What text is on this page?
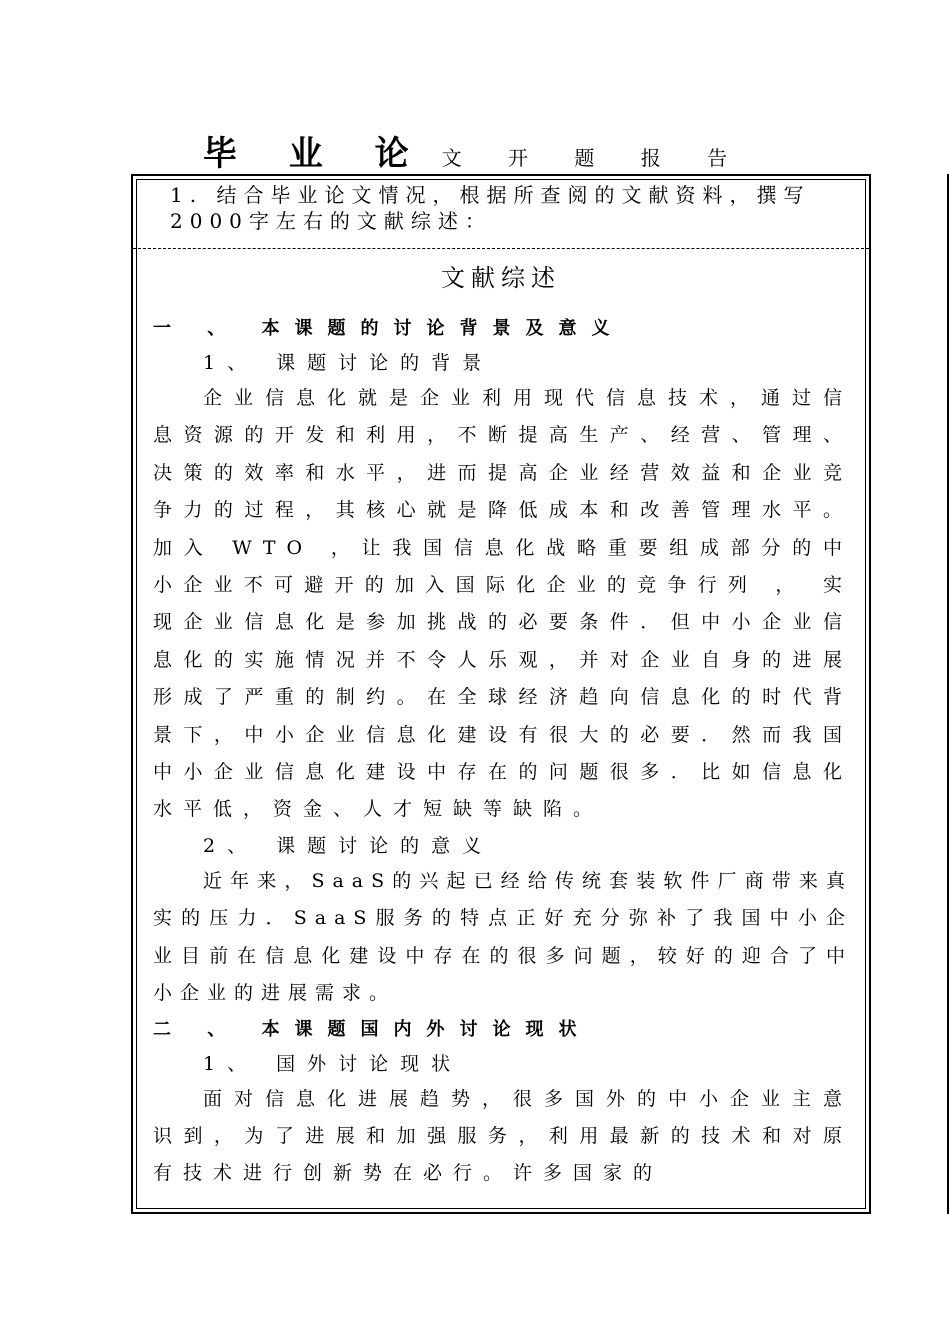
毕 业 论 文 开 题 报 告
1. 结合毕业论文情况，根据所查阅的文献资料，撰写2000字左右的文献综述：
文献综述

一 、 本课题的讨论背景及意义

1、 课题讨论的背景

企业信息化就是企业利用现代信息技术，通过信息资源的开发和利用，不断提高生产、经营、管理、决策的效率和水平，进而提高企业经营效益和企业竞争力的过程，其核心就是降低成本和改善管理水平。加入 WTO ，让我国信息化战略重要组成部分的中小企业不可避开的加入国际化企业的竞争行列 ， 实现企业信息化是参加挑战的必要条件．但中小企业信息化的实施情况并不令人乐观，并对企业自身的进展形成了严重的制约。在全球经济趋向信息化的时代背景下，中小企业信息化建设有很大的必要．然而我国中小企业信息化建设中存在的问题很多．比如信息化水平低，资金、人才短缺等缺陷。

2、 课题讨论的意义

近年来，SaaS的兴起已经给传统套装软件厂商带来真实的压力．SaaS服务的特点正好充分弥补了我国中小企业目前在信息化建设中存在的很多问题，较好的迎合了中小企业的进展需求。

二 、 本课题国内外讨论现状

1、 国外讨论现状

面对信息化进展趋势，很多国外的中小企业主意识到，为了进展和加强服务，利用最新的技术和对原有技术进行创新势在必行。许多国家的
